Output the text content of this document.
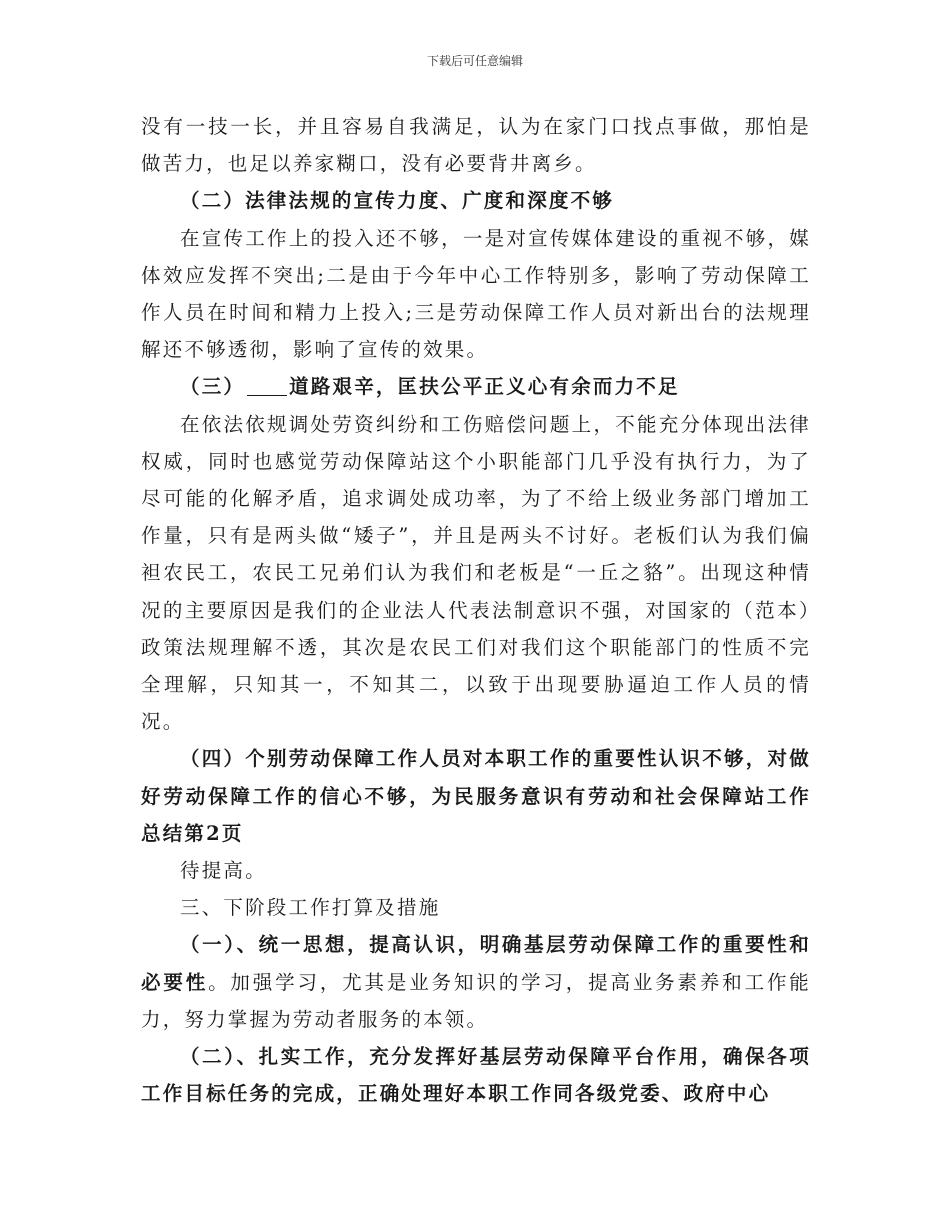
下载后可任意编辑

没有一技一长，并且容易自我满足，认为在家门口找点事做，那怕是做苦力，也足以养家糊口，没有必要背井离乡。

（二）法律法规的宣传力度、广度和深度不够

在宣传工作上的投入还不够，一是对宣传媒体建设的重视不够，媒体效应发挥不突出;二是由于今年中心工作特别多，影响了劳动保障工作人员在时间和精力上投入;三是劳动保障工作人员对新出台的法规理解还不够透彻，影响了宣传的效果。

（三） 道路艰辛，匡扶公平正义心有余而力不足

在依法依规调处劳资纠纷和工伤赔偿问题上，不能充分体现出法律权威，同时也感觉劳动保障站这个小职能部门几乎没有执行力，为了尽可能的化解矛盾，追求调处成功率，为了不给上级业务部门增加工作量，只有是两头做“矮子”，并且是两头不讨好。老板们认为我们偏袒农民工，农民工兄弟们认为我们和老板是“一丘之貉”。出现这种情况的主要原因是我们的企业法人代表法制意识不强，对国家的（范本）政策法规理解不透，其次是农民工们对我们这个职能部门的性质不完全理解，只知其一，不知其二，以致于出现要胁逼迫工作人员的情况。

（四）个别劳动保障工作人员对本职工作的重要性认识不够，对做好劳动保障工作的信心不够，为民服务意识有劳动和社会保障站工作总结第2页

待提高。

三、下阶段工作打算及措施

（一）、统一思想，提高认识，明确基层劳动保障工作的重要性和必要性。加强学习，尤其是业务知识的学习，提高业务素养和工作能力，努力掌握为劳动者服务的本领。

（二）、扎实工作，充分发挥好基层劳动保障平台作用，确保各项工作目标任务的完成，正确处理好本职工作同各级党委、政府中心
